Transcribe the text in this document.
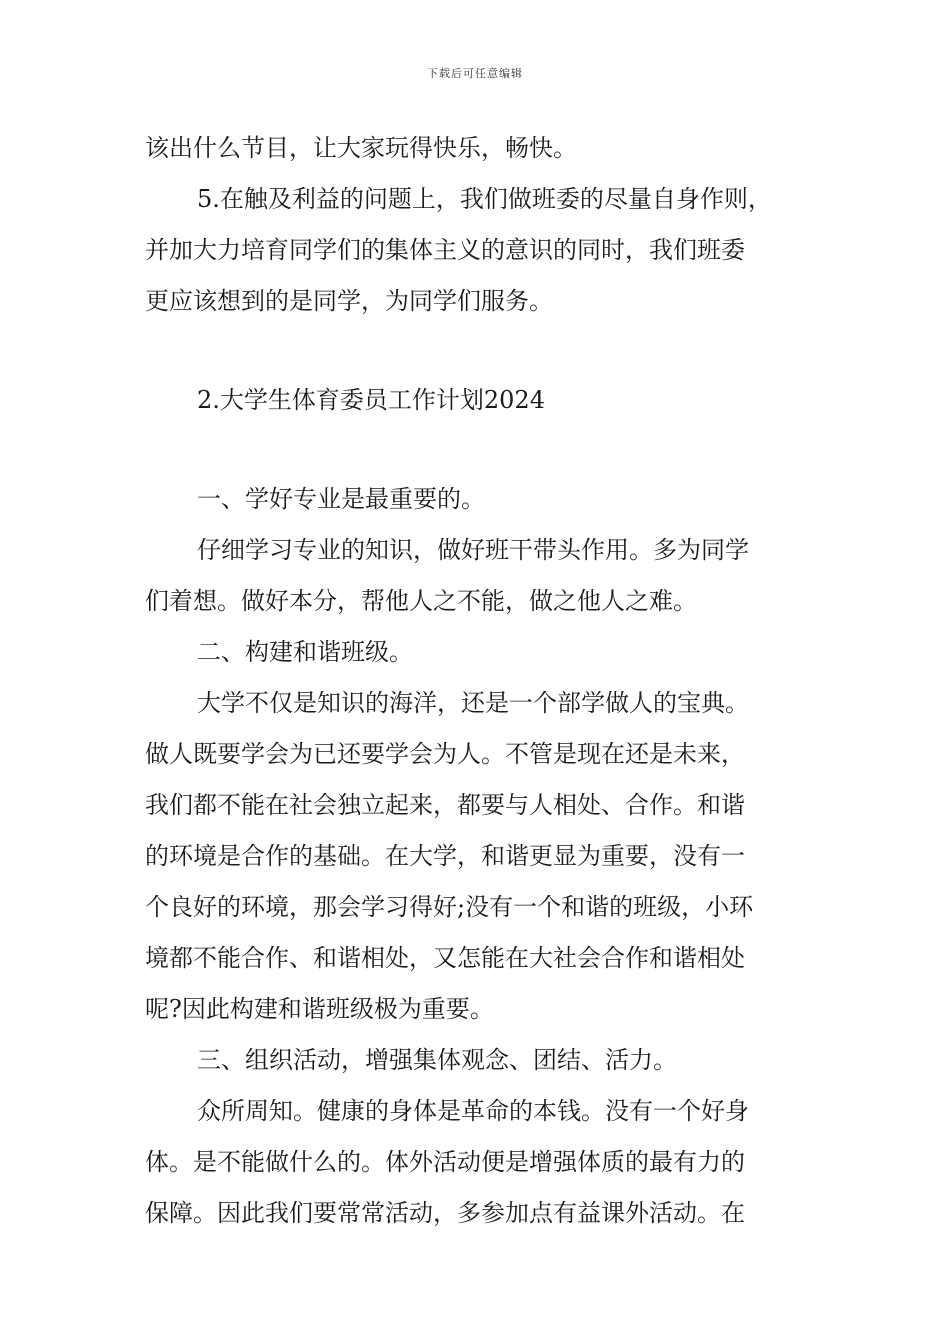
下载后可任意编辑
该出什么节目，让大家玩得快乐，畅快。
5.在触及利益的问题上，我们做班委的尽量自身作则，
并加大力培育同学们的集体主义的意识的同时，我们班委
更应该想到的是同学，为同学们服务。
2.大学生体育委员工作计划2024
一、学好专业是最重要的。
仔细学习专业的知识，做好班干带头作用。多为同学
们着想。做好本分，帮他人之不能，做之他人之难。
二、构建和谐班级。
大学不仅是知识的海洋，还是一个部学做人的宝典。
做人既要学会为已还要学会为人。不管是现在还是未来，
我们都不能在社会独立起来，都要与人相处、合作。和谐
的环境是合作的基础。在大学，和谐更显为重要，没有一
个良好的环境，那会学习得好;没有一个和谐的班级，小环
境都不能合作、和谐相处，又怎能在大社会合作和谐相处
呢?因此构建和谐班级极为重要。
三、组织活动，增强集体观念、团结、活力。
众所周知。健康的身体是革命的本钱。没有一个好身
体。是不能做什么的。体外活动便是增强体质的最有力的
保障。因此我们要常常活动，多参加点有益课外活动。在
